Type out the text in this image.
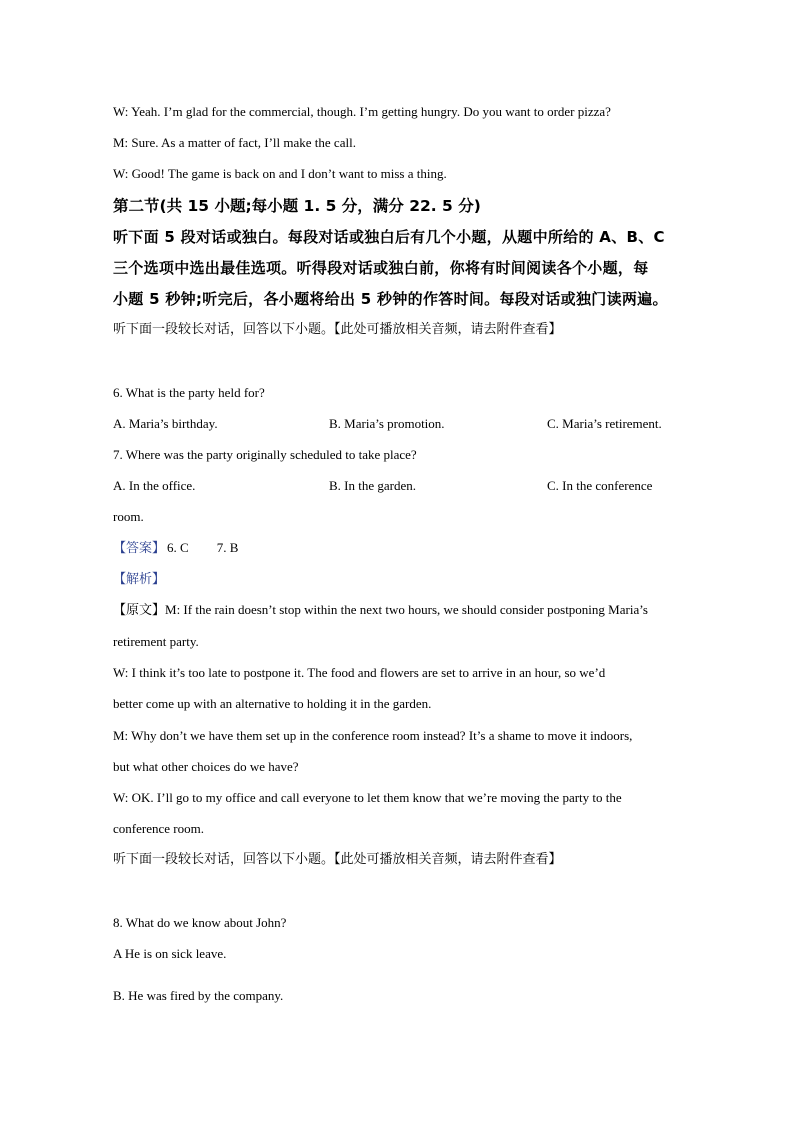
W: Yeah. I’m glad for the commercial, though. I’m getting hungry. Do you want to order pizza?
M: Sure. As a matter of fact, I’ll make the call.
W: Good! The game is back on and I don’t want to miss a thing.
第二节(共 15 小题;每小题 1. 5 分，满分 22. 5 分)
听下面 5 段对话或独白。每段对话或独白后有几个小题，从题中所给的 A、B、C
三个选项中选出最佳选项。听得段对话或独白前，你将有时间阅读各个小题，每
小题 5 秒钟;听完后，各小题将给出 5 秒钟的作答时间。每段对话或独门读两遍。
听下面一段较长对话，回答以下小题。【此处可播放相关音频，请去附件查看】
6. What is the party held for?
A. Maria’s birthday.	B. Maria’s promotion.	C. Maria’s retirement.
7. Where was the party originally scheduled to take place?
A. In the office.	B. In the garden.	C. In the conference
room.
【答案】 6. C 7. B
【解析】
【原文】M: If the rain doesn’t stop within the next two hours, we should consider postponing Maria’s
retirement party.
W: I think it’s too late to postpone it. The food and flowers are set to arrive in an hour, so we’d
better come up with an alternative to holding it in the garden.
M: Why don’t we have them set up in the conference room instead? It’s a shame to move it indoors,
but what other choices do we have?
W: OK. I’ll go to my office and call everyone to let them know that we’re moving the party to the
conference room.
听下面一段较长对话，回答以下小题。【此处可播放相关音频，请去附件查看】
8. What do we know about John?
A He is on sick leave.
B. He was fired by the company.
